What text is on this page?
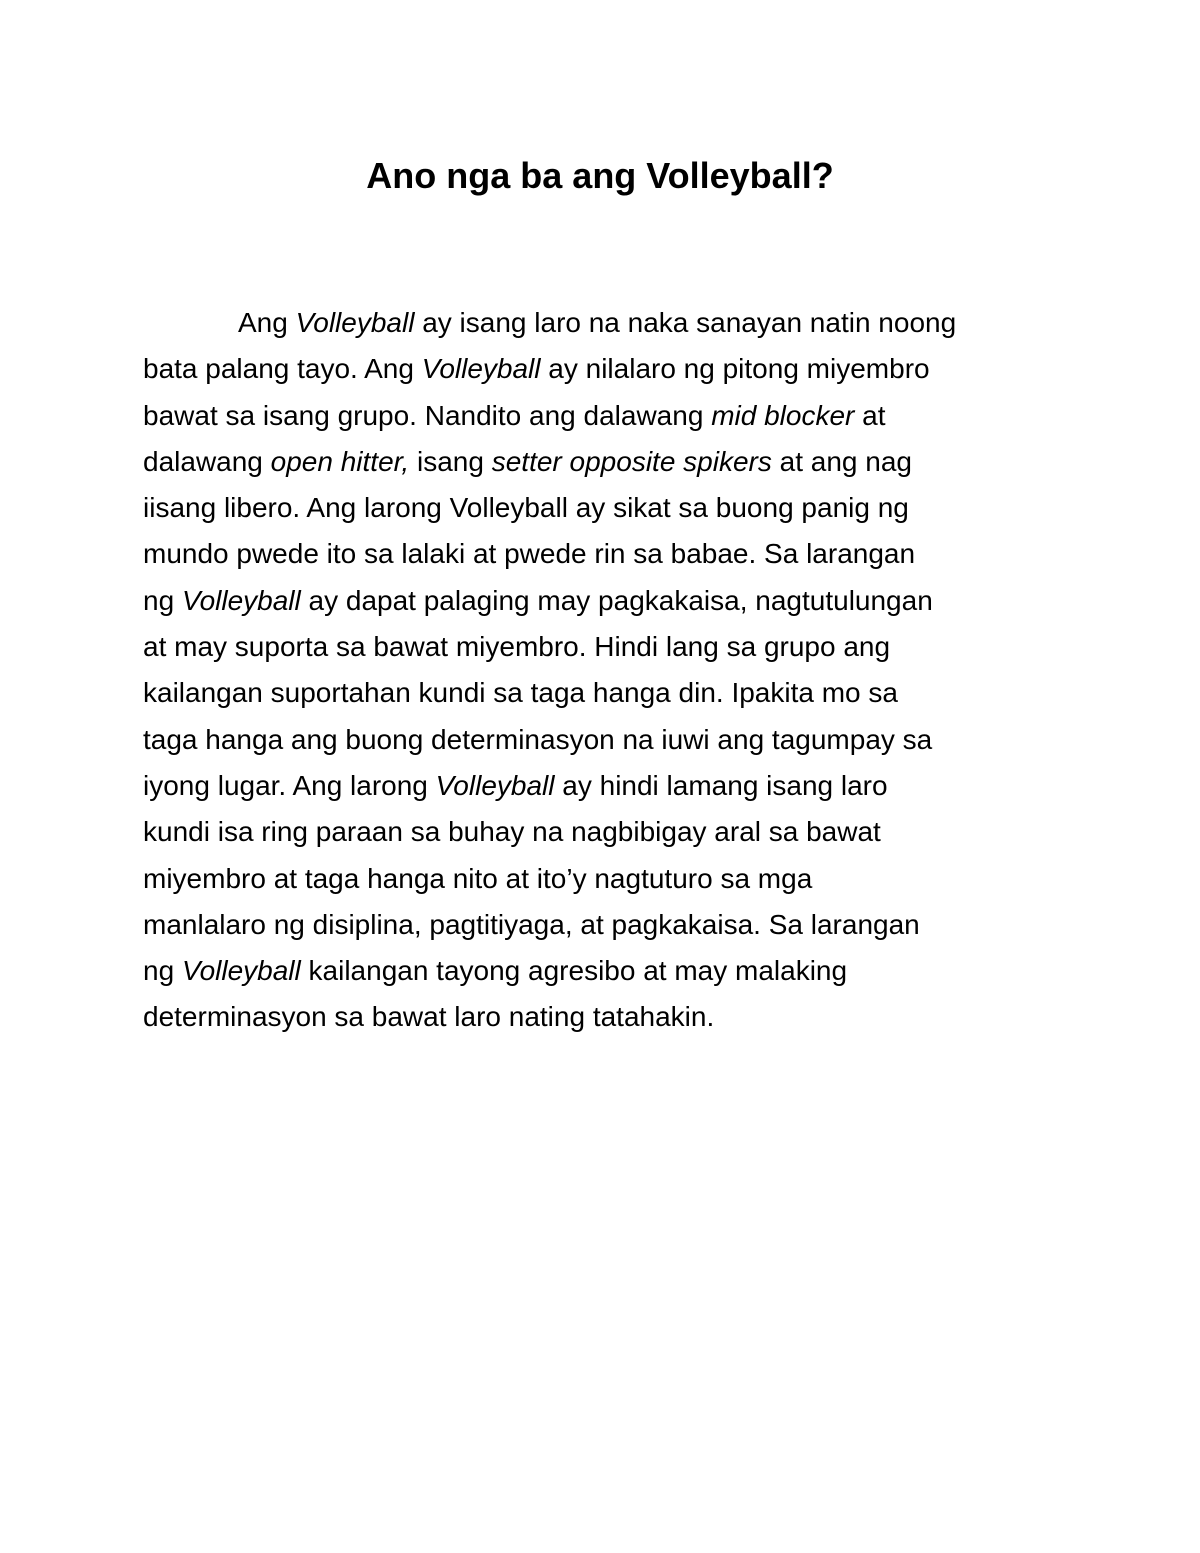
Ano nga ba ang Volleyball?
Ang Volleyball ay isang laro na naka sanayan natin noong
bata palang tayo. Ang Volleyball ay nilalaro ng pitong miyembro
bawat sa isang grupo. Nandito ang dalawang mid blocker at
dalawang open hitter, isang setter opposite spikers at ang nag
iisang libero. Ang larong Volleyball ay sikat sa buong panig ng
mundo pwede ito sa lalaki at pwede rin sa babae. Sa larangan
ng Volleyball ay dapat palaging may pagkakaisa, nagtutulungan
at may suporta sa bawat miyembro. Hindi lang sa grupo ang
kailangan suportahan kundi sa taga hanga din. Ipakita mo sa
taga hanga ang buong determinasyon na iuwi ang tagumpay sa
iyong lugar. Ang larong Volleyball ay hindi lamang isang laro
kundi isa ring paraan sa buhay na nagbibigay aral sa bawat
miyembro at taga hanga nito at ito’y nagtuturo sa mga
manlalaro ng disiplina, pagtitiyaga, at pagkakaisa. Sa larangan
ng Volleyball kailangan tayong agresibo at may malaking
determinasyon sa bawat laro nating tatahakin.
